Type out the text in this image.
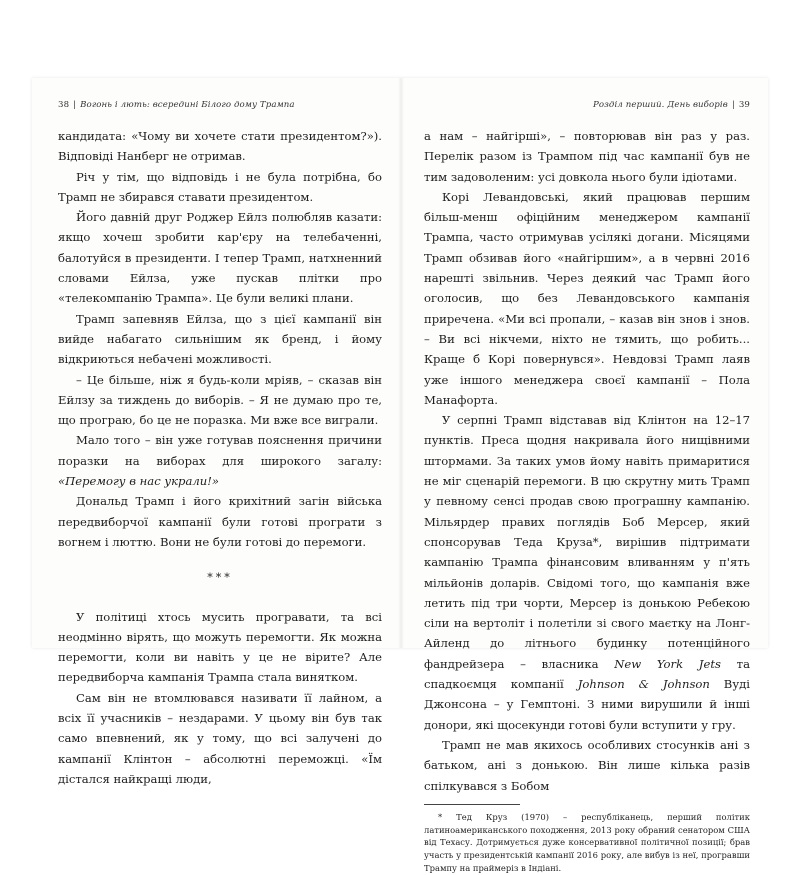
38 | Вогонь і лють: всередині Білого дому Трампа

кандидата: «Чому ви хочете стати президентом?»). Відповіді Нанберг не отримав.

Річ у тім, що відповідь і не була потрібна, бо Трамп не збирався ставати президентом.

Його давній друг Роджер Ейлз полюбляв казати: якщо хочеш зробити кар'єру на телебаченні, балотуйся в президенти. І тепер Трамп, натхненний словами Ейлза, уже пускав плітки про «телекомпанію Трампа». Це були великі плани.

Трамп запевняв Ейлза, що з цієї кампанії він вийде набагато сильнішим як бренд, і йому відкриються небачені можливості.

– Це більше, ніж я будь-коли мріяв, – сказав він Ейлзу за тиждень до виборів. – Я не думаю про те, що програю, бо це не поразка. Ми вже все виграли.

Мало того – він уже готував пояснення причини поразки на виборах для широкого загалу: «Перемогу в нас украли!»

Дональд Трамп і його крихітний загін війська передвиборчої кампанії були готові програти з вогнем і люттю. Вони не були готові до перемоги.

***

У політиці хтось мусить програвати, та всі неодмінно вірять, що можуть перемогти. Як можна перемогти, коли ви навіть у це не вірите? Але передвиборча кампанія Трампа стала винятком.

Сам він не втомлювався називати її лайном, а всіх її учасників – нездарами. У цьому він був так само впевнений, як у тому, що всі залучені до кампанії Клінтон – абсолютні переможці. «Їм дістался найкращі люди,

Розділ перший. День виборів | 39

а нам – найгірші», – повторював він раз у раз. Перелік разом із Трампом під час кампанії був не тим задоволеним: усі довкола нього були ідіотами.

Корі Левандовські, який працював першим більш-менш офіційним менеджером кампанії Трампа, часто отримував усілякі догани. Місяцями Трамп обзивав його «найгіршим», а в червні 2016 нарешті звільнив. Через деякий час Трамп його оголосив, що без Левандовського кампанія приречена. «Ми всі пропали, – казав він знов і знов. – Ви всі нікчеми, ніхто не тямить, що робить... Краще б Корі повернувся». Невдовзі Трамп лаяв уже іншого менеджера своєї кампанії – Пола Манафорта.

У серпні Трамп відставав від Клінтон на 12–17 пунктів. Преса щодня накривала його нищівними штормами. За таких умов йому навіть примаритися не міг сценарій перемоги. В цю скрутну мить Трамп у певному сенсі продав свою програшну кампанію. Мільярдер правих поглядів Боб Мерсер, який спонсорував Теда Круза*, вирішив підтримати кампанію Трампа фінансовим вливанням у п'ять мільйонів доларів. Свідомі того, що кампанія вже летить під три чорти, Мерсер із донькою Ребекою сіли на вертоліт і полетіли зі свого маєтку на Лонг-Айленд до літнього будинку потенційного фандрейзера – власника New York Jets та спадкоємця компанії Johnson & Johnson Вуді Джонсона – у Гемптоні. З ними вирушили й інші донори, які щосекунди готові були вступити у гру.

Трамп не мав якихось особливих стосунків ані з батьком, ані з донькою. Він лише кілька разів спілкувався з Бобом

* Тед Круз (1970) – республіканець, перший політик латиноамериканського походження, 2013 року обраний сенатором США від Техасу. Дотримується дуже консервативної політичної позиції; брав участь у президентській кампанії 2016 року, але вибув із неї, програвши Трампу на праймеріз в Індіані.
